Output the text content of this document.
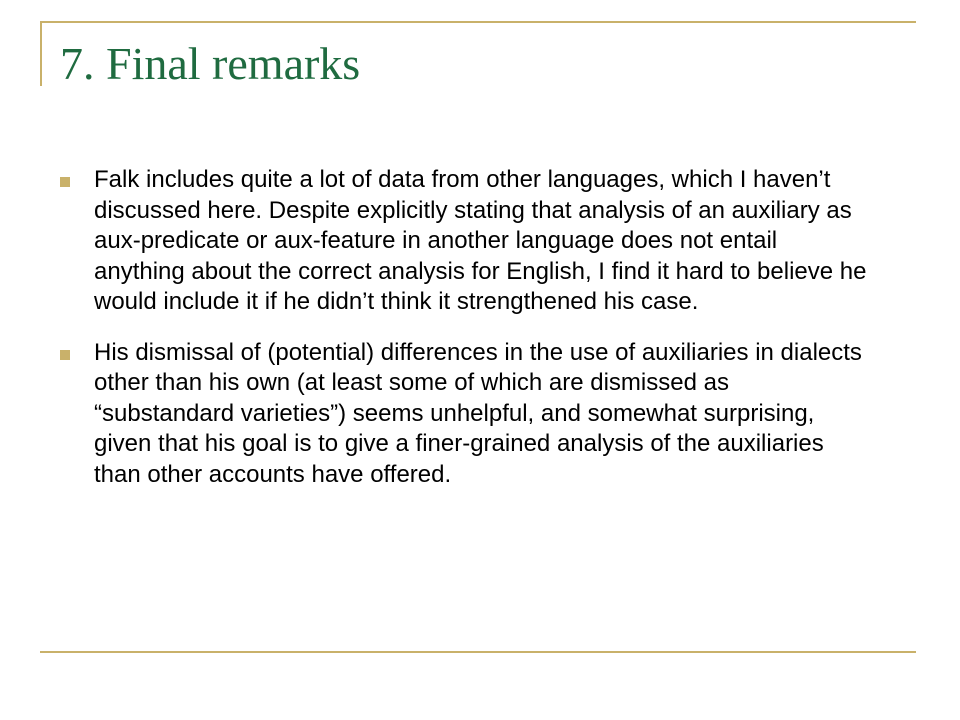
7. Final remarks
Falk includes quite a lot of data from other languages, which I haven’t discussed here. Despite explicitly stating that analysis of an auxiliary as aux-predicate or aux-feature in another language does not entail anything about the correct analysis for English, I find it hard to believe he would include it if he didn’t think it strengthened his case.
His dismissal of (potential) differences in the use of auxiliaries in dialects other than his own (at least some of which are dismissed as “substandard varieties”) seems unhelpful, and somewhat surprising, given that his goal is to give a finer-grained analysis of the auxiliaries than other accounts have offered.
